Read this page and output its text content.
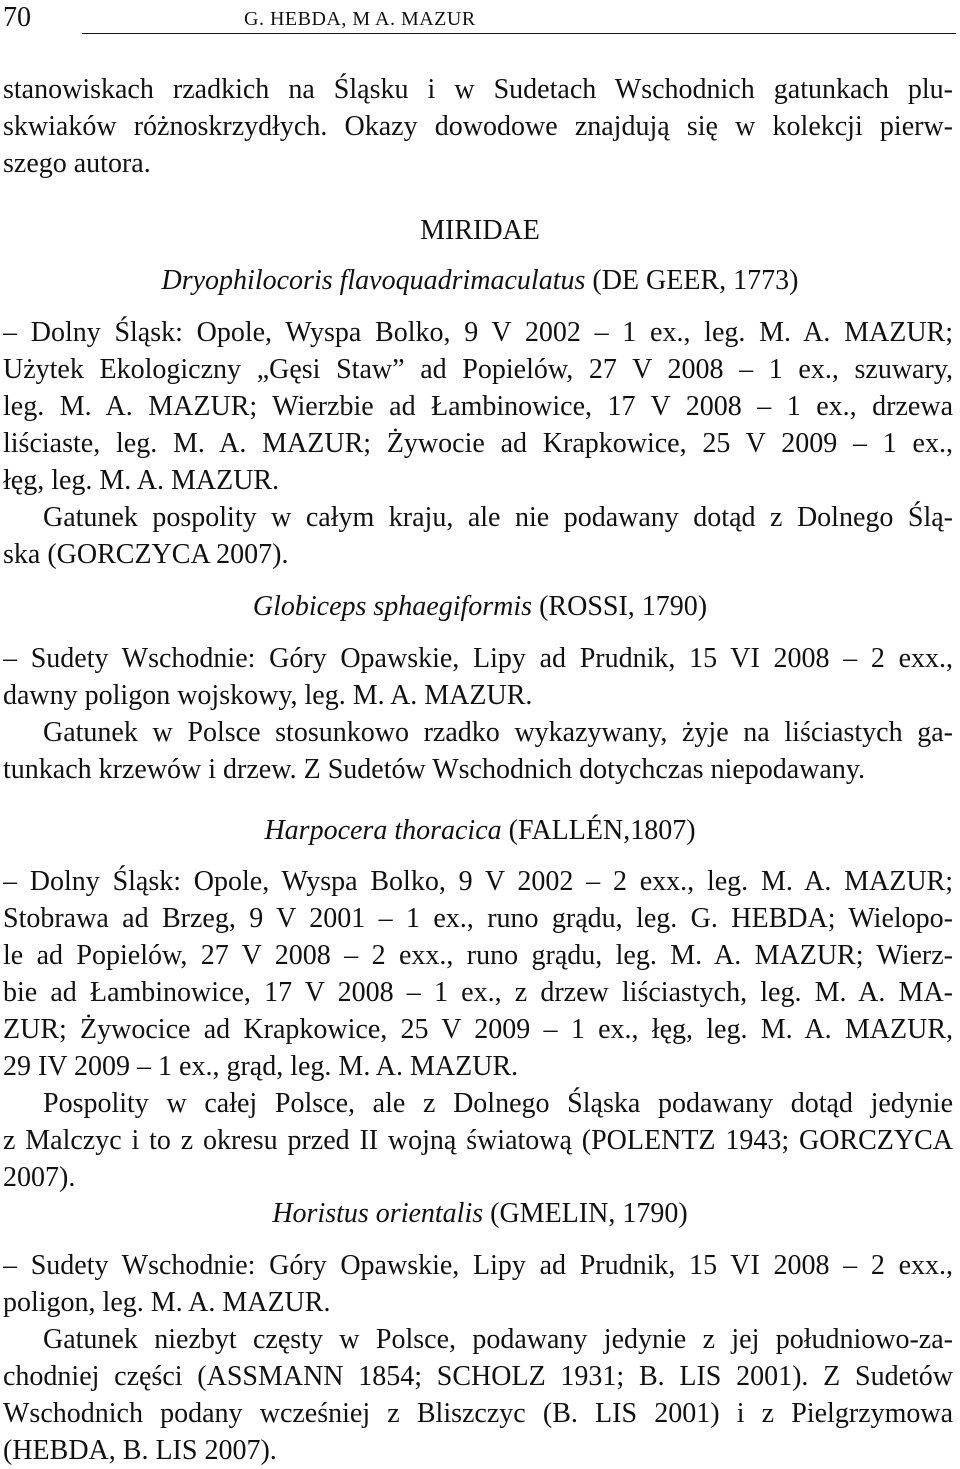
70	G. HEBDA, M A. MAZUR
stanowiskach rzadkich na Śląsku i w Sudetach Wschodnich gatunkach plu-
skwiaków różnoskrzydłych. Okazy dowodowe znajdują się w kolekcji pierw-
szego autora.
MIRIDAE
Dryophilocoris flavoquadrimaculatus (DE GEER, 1773)
– Dolny Śląsk: Opole, Wyspa Bolko, 9 V 2002 – 1 ex., leg. M. A. MAZUR;
Użytek Ekologiczny „Gęsi Staw” ad Popielów, 27 V 2008 – 1 ex., szuwary,
leg. M. A. MAZUR; Wierzbie ad Łambinowice, 17 V 2008 – 1 ex., drzewa
liściaste, leg. M. A. MAZUR; Żywocie ad Krapkowice, 25 V 2009 – 1 ex.,
łęg, leg. M. A. MAZUR.
Gatunek pospolity w całym kraju, ale nie podawany dotąd z Dolnego Ślą-
ska (GORCZYCA 2007).
Globiceps sphaegiformis (ROSSI, 1790)
– Sudety Wschodnie: Góry Opawskie, Lipy ad Prudnik, 15 VI 2008 – 2 exx.,
dawny poligon wojskowy, leg. M. A. MAZUR.
Gatunek w Polsce stosunkowo rzadko wykazywany, żyje na liściastych ga-
tunkach krzewów i drzew. Z Sudetów Wschodnich dotychczas niepodawany.
Harpocera thoracica (FALLÉN,1807)
– Dolny Śląsk: Opole, Wyspa Bolko, 9 V 2002 – 2 exx., leg. M. A. MAZUR;
Stobrawa ad Brzeg, 9 V 2001 – 1 ex., runo grądu, leg. G. HEBDA; Wielopo-
le ad Popielów, 27 V 2008 – 2 exx., runo grądu, leg. M. A. MAZUR; Wierz-
bie ad Łambinowice, 17 V 2008 – 1 ex., z drzew liściastych, leg. M. A. MA-
ZUR; Żywocice ad Krapkowice, 25 V 2009 – 1 ex., łęg, leg. M. A. MAZUR,
29 IV 2009 – 1 ex., grąd, leg. M. A. MAZUR.
Pospolity w całej Polsce, ale z Dolnego Śląska podawany dotąd jedynie
z Malczyc i to z okresu przed II wojną światową (POLENTZ 1943; GORCZYCA
2007).
Horistus orientalis (GMELIN, 1790)
– Sudety Wschodnie: Góry Opawskie, Lipy ad Prudnik, 15 VI 2008 – 2 exx.,
poligon, leg. M. A. MAZUR.
Gatunek niezbyt częsty w Polsce, podawany jedynie z jej południowo-za-
chodniej części (ASSMANN 1854; SCHOLZ 1931; B. LIS 2001). Z Sudetów
Wschodnich podany wcześniej z Bliszczyc (B. LIS 2001) i z Pielgrzymowa
(HEBDA, B. LIS 2007).
